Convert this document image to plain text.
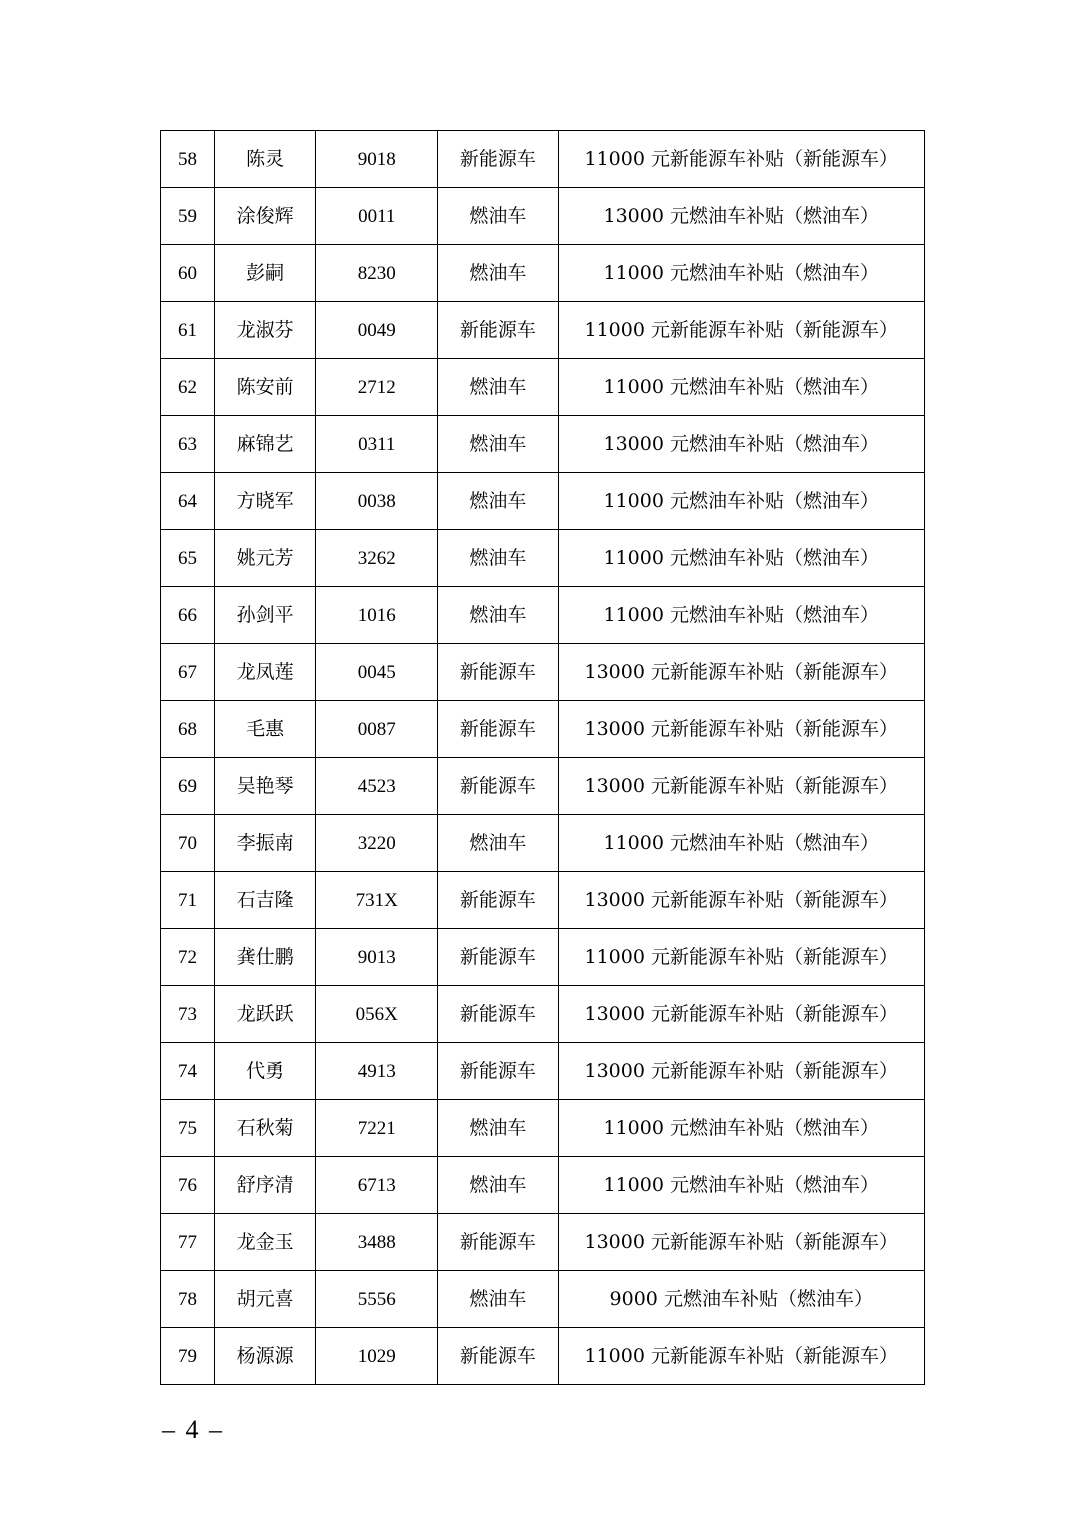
58	陈灵	9018	新能源车	11000 元新能源车补贴（新能源车）
59	涂俊辉	0011	燃油车	13000 元燃油车补贴（燃油车）
60	彭嗣	8230	燃油车	11000 元燃油车补贴（燃油车）
61	龙淑芬	0049	新能源车	11000 元新能源车补贴（新能源车）
62	陈安前	2712	燃油车	11000 元燃油车补贴（燃油车）
63	麻锦艺	0311	燃油车	13000 元燃油车补贴（燃油车）
64	方晓军	0038	燃油车	11000 元燃油车补贴（燃油车）
65	姚元芳	3262	燃油车	11000 元燃油车补贴（燃油车）
66	孙剑平	1016	燃油车	11000 元燃油车补贴（燃油车）
67	龙凤莲	0045	新能源车	13000 元新能源车补贴（新能源车）
68	毛惠	0087	新能源车	13000 元新能源车补贴（新能源车）
69	吴艳琴	4523	新能源车	13000 元新能源车补贴（新能源车）
70	李振南	3220	燃油车	11000 元燃油车补贴（燃油车）
71	石吉隆	731X	新能源车	13000 元新能源车补贴（新能源车）
72	龚仕鹏	9013	新能源车	11000 元新能源车补贴（新能源车）
73	龙跃跃	056X	新能源车	13000 元新能源车补贴（新能源车）
74	代勇	4913	新能源车	13000 元新能源车补贴（新能源车）
75	石秋菊	7221	燃油车	11000 元燃油车补贴（燃油车）
76	舒序清	6713	燃油车	11000 元燃油车补贴（燃油车）
77	龙金玉	3488	新能源车	13000 元新能源车补贴（新能源车）
78	胡元喜	5556	燃油车	9000 元燃油车补贴（燃油车）
79	杨源源	1029	新能源车	11000 元新能源车补贴（新能源车）
– 4 –
